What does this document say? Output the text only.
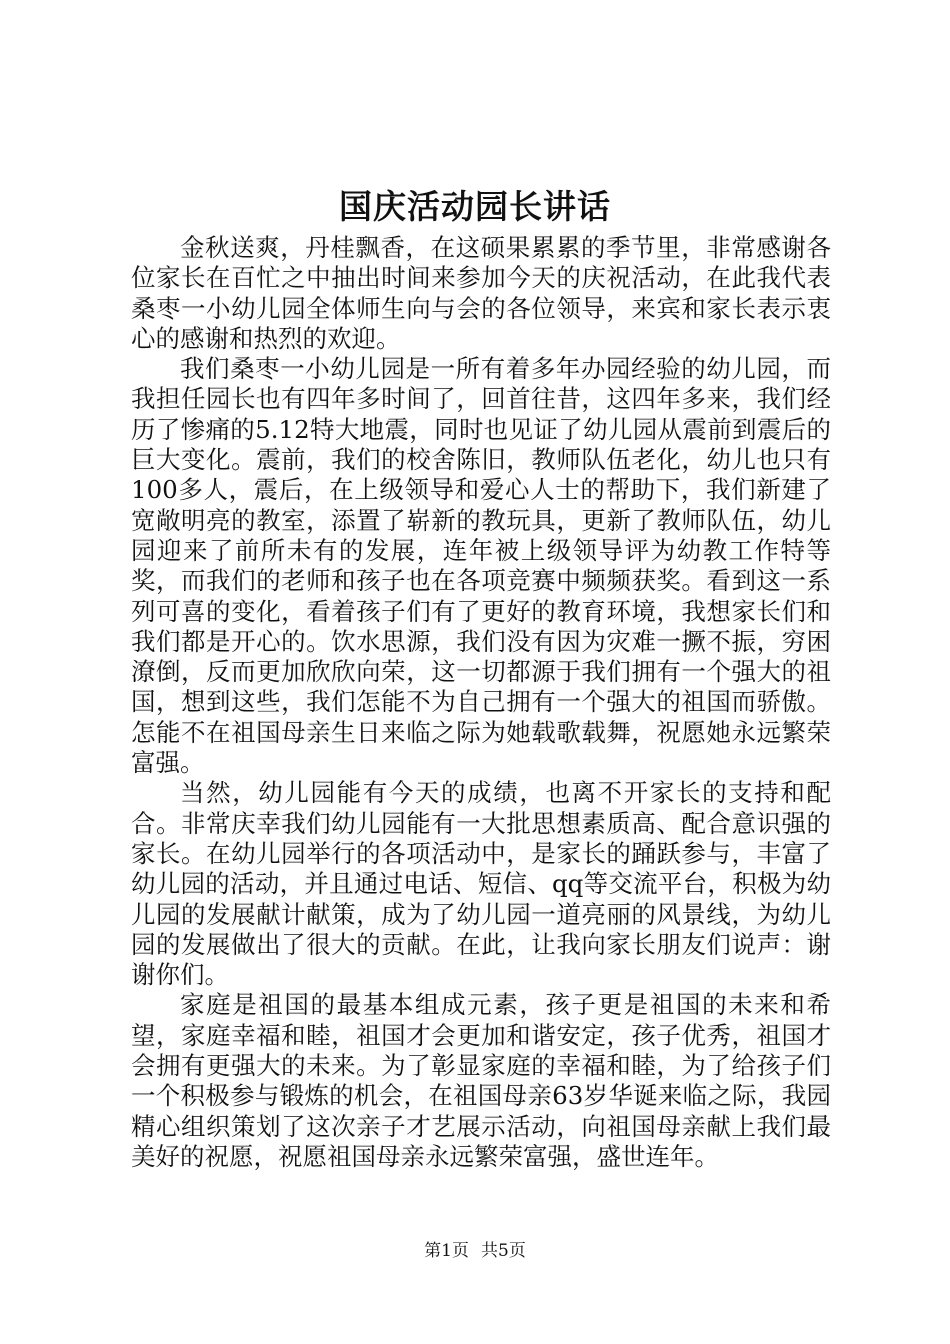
国庆活动园长讲话

金秋送爽，丹桂飘香，在这硕果累累的季节里，非常感谢各位家长在百忙之中抽出时间来参加今天的庆祝活动，在此我代表桑枣一小幼儿园全体师生向与会的各位领导，来宾和家长表示衷心的感谢和热烈的欢迎。

我们桑枣一小幼儿园是一所有着多年办园经验的幼儿园，而我担任园长也有四年多时间了，回首往昔，这四年多来，我们经历了惨痛的5.12特大地震，同时也见证了幼儿园从震前到震后的巨大变化。震前，我们的校舍陈旧，教师队伍老化，幼儿也只有100多人，震后，在上级领导和爱心人士的帮助下，我们新建了宽敞明亮的教室，添置了崭新的教玩具，更新了教师队伍，幼儿园迎来了前所未有的发展，连年被上级领导评为幼教工作特等奖，而我们的老师和孩子也在各项竞赛中频频获奖。看到这一系列可喜的变化，看着孩子们有了更好的教育环境，我想家长们和我们都是开心的。饮水思源，我们没有因为灾难一撅不振，穷困潦倒，反而更加欣欣向荣，这一切都源于我们拥有一个强大的祖国，想到这些，我们怎能不为自己拥有一个强大的祖国而骄傲。怎能不在祖国母亲生日来临之际为她载歌载舞，祝愿她永远繁荣富强。

当然，幼儿园能有今天的成绩，也离不开家长的支持和配合。非常庆幸我们幼儿园能有一大批思想素质高、配合意识强的家长。在幼儿园举行的各项活动中，是家长的踊跃参与，丰富了幼儿园的活动，并且通过电话、短信、qq等交流平台，积极为幼儿园的发展献计献策，成为了幼儿园一道亮丽的风景线，为幼儿园的发展做出了很大的贡献。在此，让我向家长朋友们说声：谢谢你们。

家庭是祖国的最基本组成元素，孩子更是祖国的未来和希望，家庭幸福和睦，祖国才会更加和谐安定，孩子优秀，祖国才会拥有更强大的未来。为了彰显家庭的幸福和睦，为了给孩子们一个积极参与锻炼的机会，在祖国母亲63岁华诞来临之际，我园精心组织策划了这次亲子才艺展示活动，向祖国母亲献上我们最美好的祝愿，祝愿祖国母亲永远繁荣富强，盛世连年。

第1页 共5页
